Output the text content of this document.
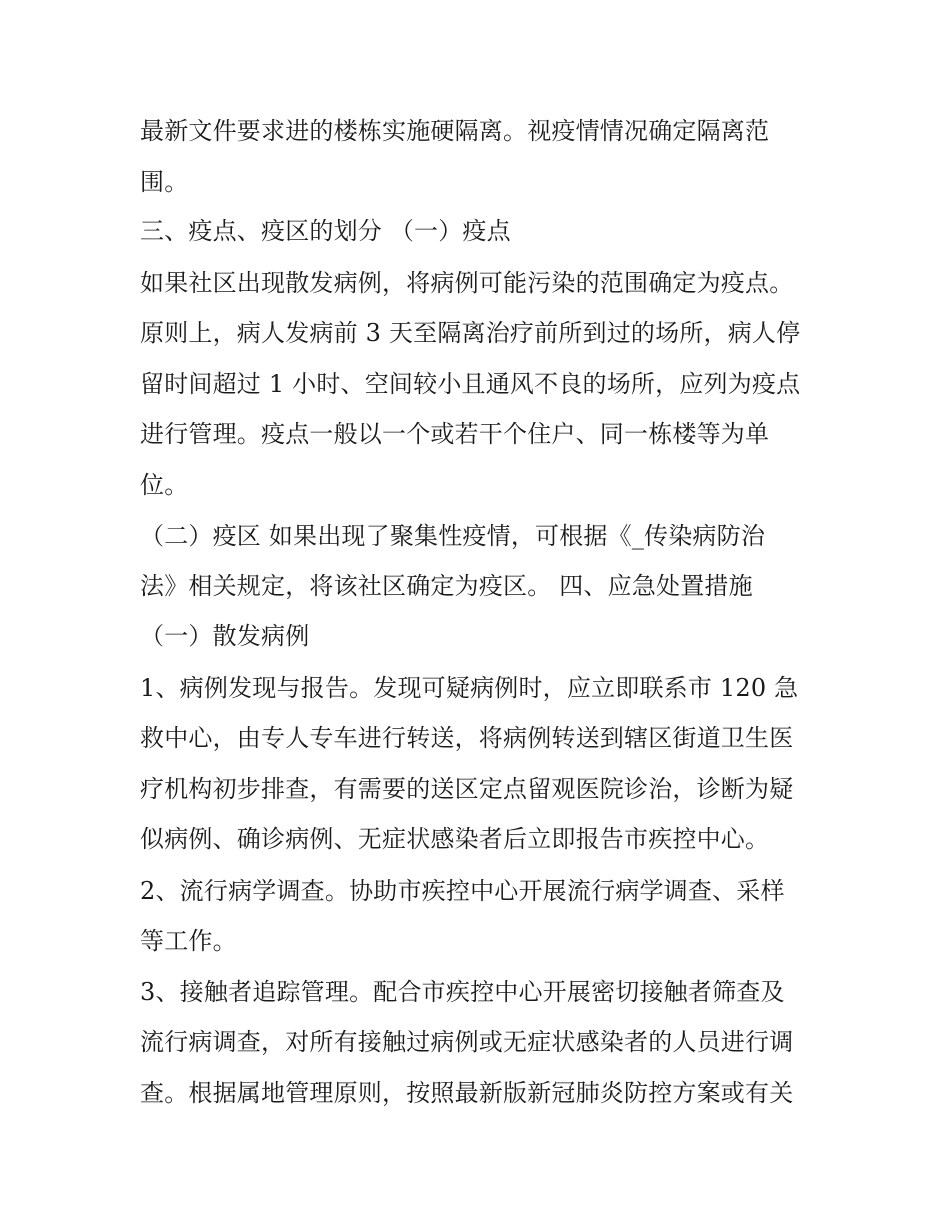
最新文件要求进的楼栋实施硬隔离。视疫情情况确定隔离范

围。

三、疫点、疫区的划分 （一）疫点

如果社区出现散发病例，将病例可能污染的范围确定为疫点。

原则上，病人发病前 3 天至隔离治疗前所到过的场所，病人停

留时间超过 1 小时、空间较小且通风不良的场所，应列为疫点

进行管理。疫点一般以一个或若干个住户、同一栋楼等为单

位。

（二）疫区 如果出现了聚集性疫情，可根据《_传染病防治

法》相关规定，将该社区确定为疫区。 四、应急处置措施

（一）散发病例

1、病例发现与报告。发现可疑病例时，应立即联系市 120 急

救中心，由专人专车进行转送，将病例转送到辖区街道卫生医

疗机构初步排查，有需要的送区定点留观医院诊治，诊断为疑

似病例、确诊病例、无症状感染者后立即报告市疾控中心。

2、流行病学调查。协助市疾控中心开展流行病学调查、采样

等工作。

3、接触者追踪管理。配合市疾控中心开展密切接触者筛查及

流行病调查，对所有接触过病例或无症状感染者的人员进行调

查。根据属地管理原则，按照最新版新冠肺炎防控方案或有关
